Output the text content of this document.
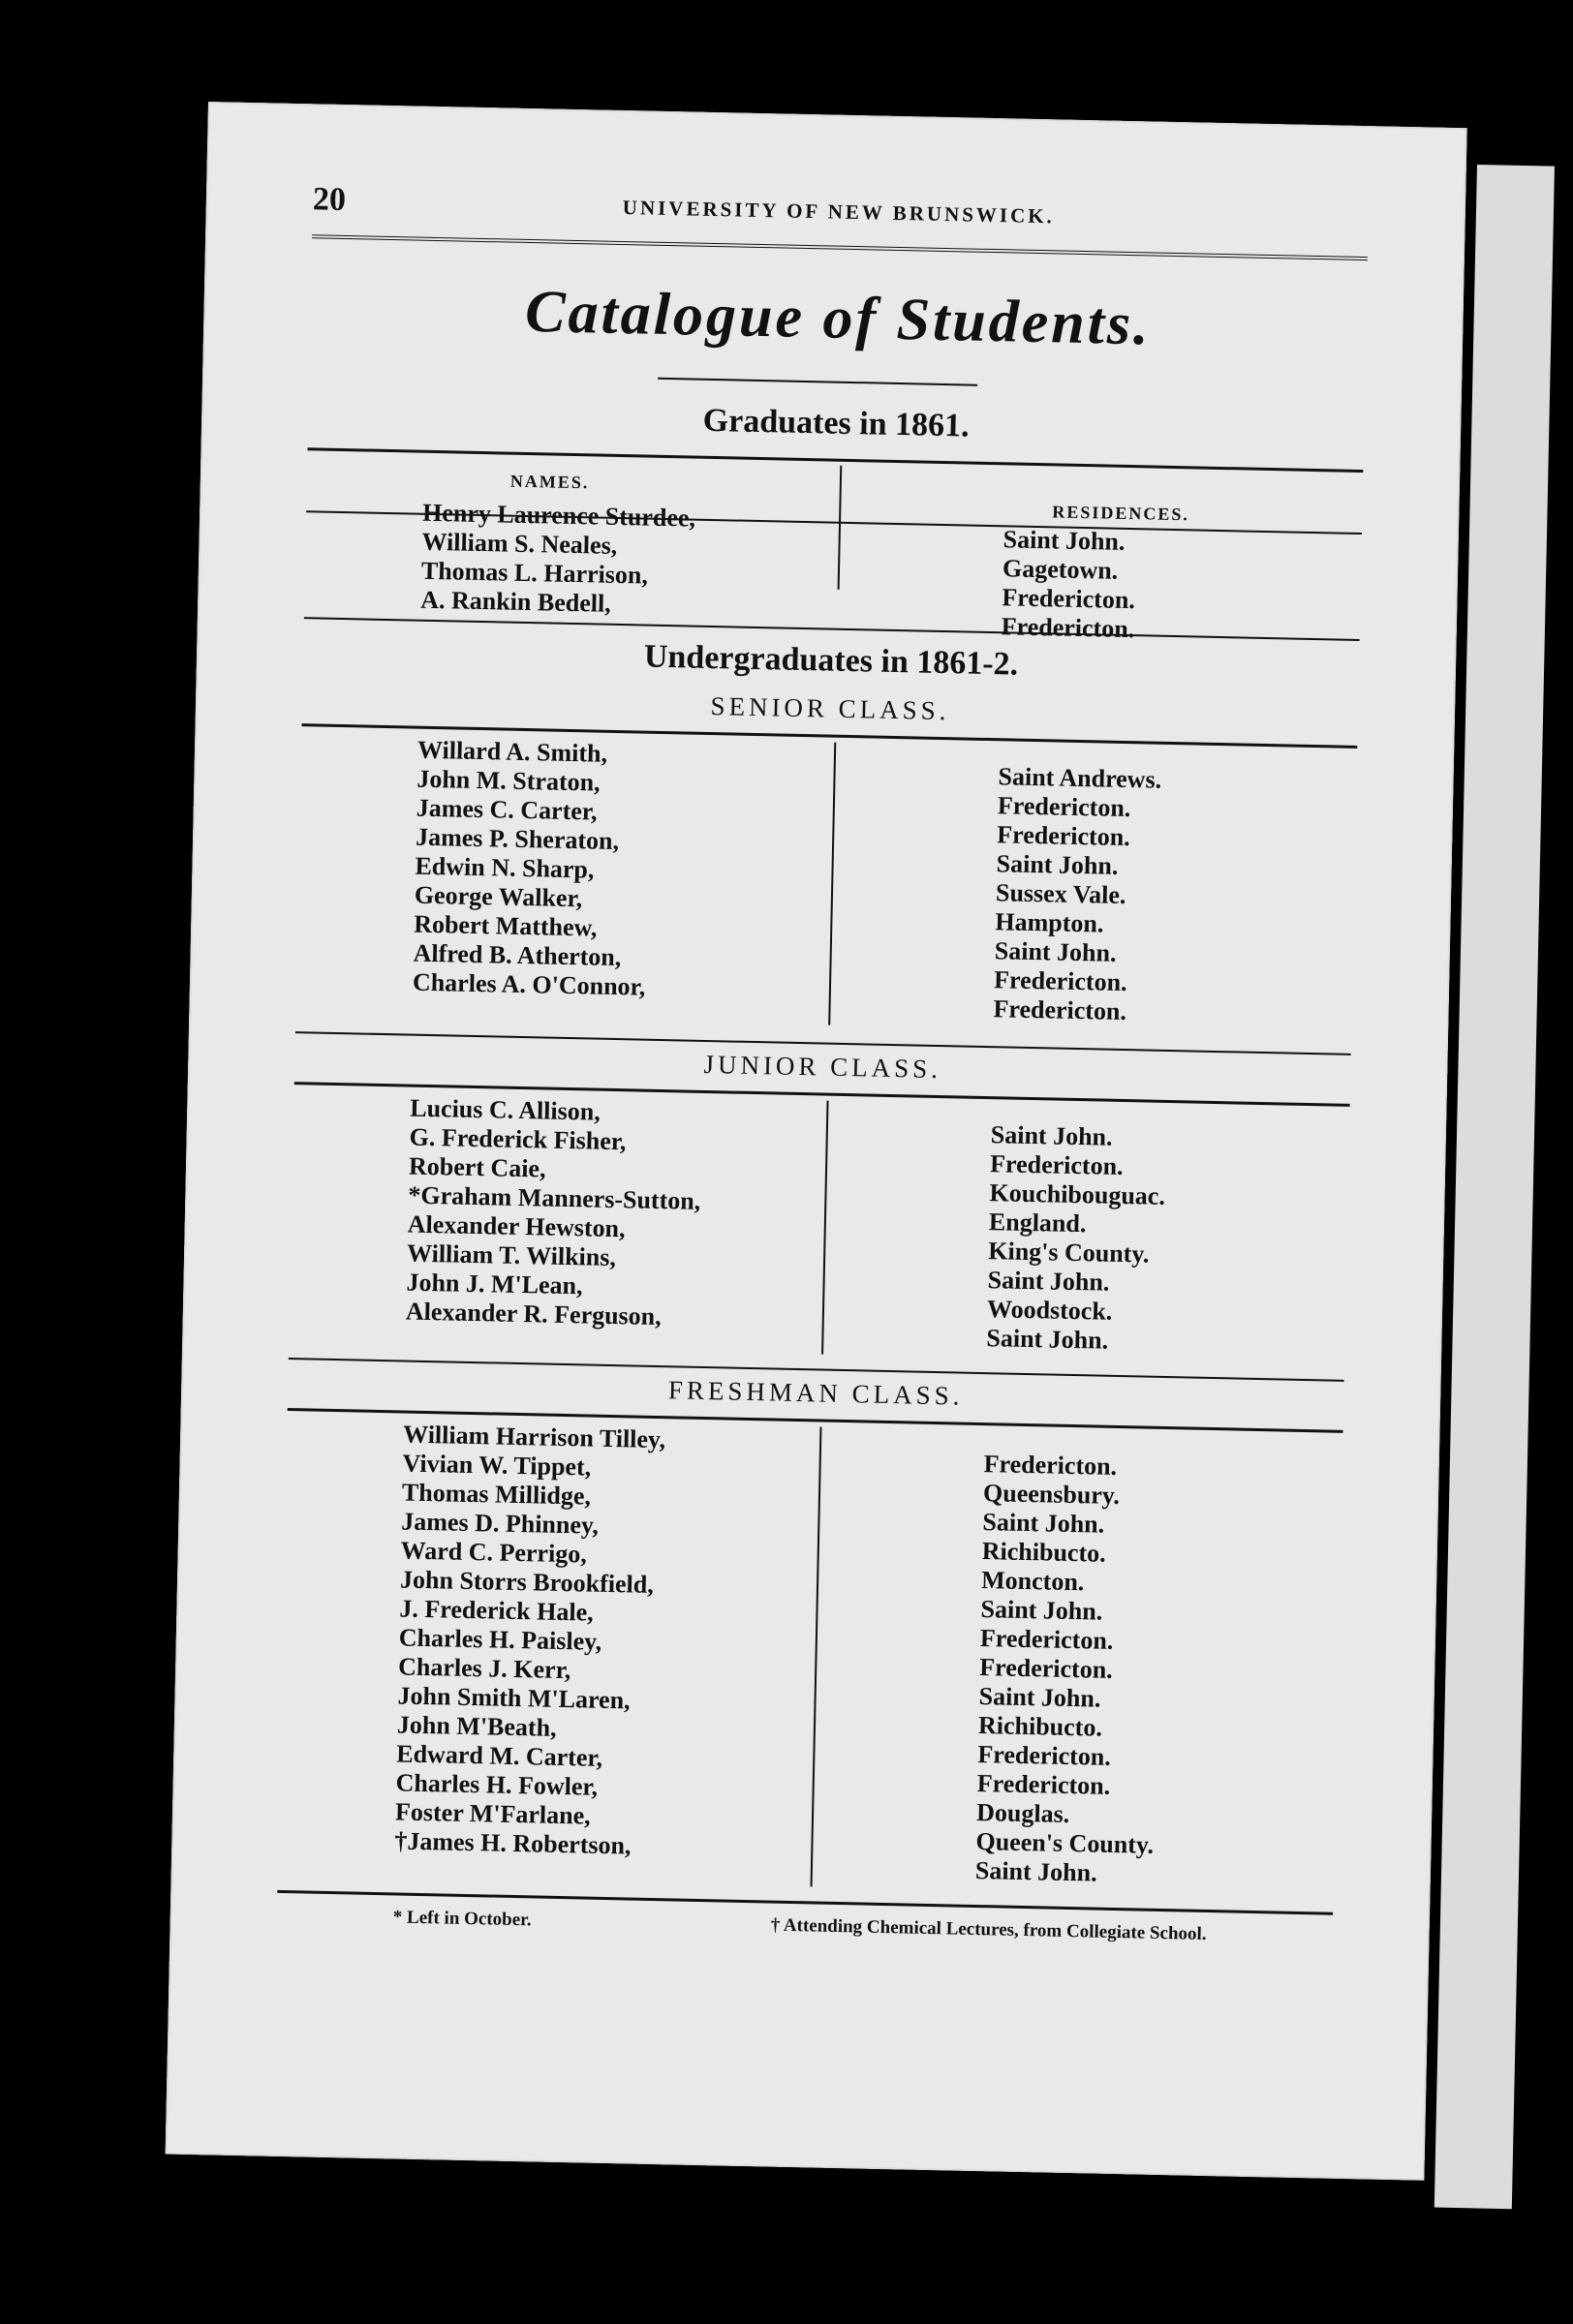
20	UNIVERSITY OF NEW BRUNSWICK.
Catalogue of Students.
Graduates in 1861.
NAMES.
RESIDENCES.
Henry Laurence Sturdee,
William S. Neales,
Thomas L. Harrison,
A. Rankin Bedell,
Saint John.
Gagetown.
Fredericton.
Fredericton.
Undergraduates in 1861-2.
SENIOR CLASS.
Willard A. Smith,
John M. Straton,
James C. Carter,
James P. Sheraton,
Edwin N. Sharp,
George Walker,
Robert Matthew,
Alfred B. Atherton,
Charles A. O'Connor,
Saint Andrews.
Fredericton.
Fredericton.
Saint John.
Sussex Vale.
Hampton.
Saint John.
Fredericton.
Fredericton.
JUNIOR CLASS.
Lucius C. Allison,
G. Frederick Fisher,
Robert Caie,
*Graham Manners-Sutton,
Alexander Hewston,
William T. Wilkins,
John J. M'Lean,
Alexander R. Ferguson,
Saint John.
Fredericton.
Kouchibouguac.
England.
King's County.
Saint John.
Woodstock.
Saint John.
FRESHMAN CLASS.
William Harrison Tilley,
Vivian W. Tippet,
Thomas Millidge,
James D. Phinney,
Ward C. Perrigo,
John Storrs Brookfield,
J. Frederick Hale,
Charles H. Paisley,
Charles J. Kerr,
John Smith M'Laren,
John M'Beath,
Edward M. Carter,
Charles H. Fowler,
Foster M'Farlane,
†James H. Robertson,
Fredericton.
Queensbury.
Saint John.
Richibucto.
Moncton.
Saint John.
Fredericton.
Fredericton.
Saint John.
Richibucto.
Fredericton.
Fredericton.
Douglas.
Queen's County.
Saint John.
* Left in October.	† Attending Chemical Lectures, from Collegiate School.
